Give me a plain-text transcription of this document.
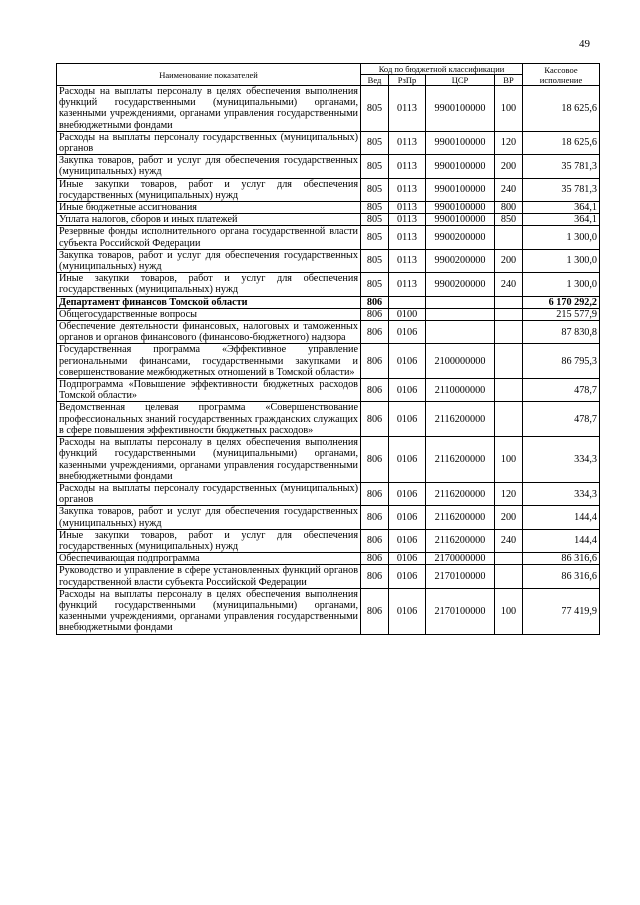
49
Наименование показателей	Код по бюджетной классификации				Кассовое исполнение
	Вед	РзПр	ЦСР	ВР	
Расходы на выплаты персоналу в целях обеспечения выполнения функций государственными (муниципальными) органами, казенными учреждениями, органами управления государственными внебюджетными фондами	805	0113	9900100000	100	18 625,6
Расходы на выплаты персоналу государственных (муниципальных) органов	805	0113	9900100000	120	18 625,6
Закупка товаров, работ и услуг для обеспечения государственных (муниципальных) нужд	805	0113	9900100000	200	35 781,3
Иные закупки товаров, работ и услуг для обеспечения государственных (муниципальных) нужд	805	0113	9900100000	240	35 781,3
Иные бюджетные ассигнования	805	0113	9900100000	800	364,1
Уплата налогов, сборов и иных платежей	805	0113	9900100000	850	364,1
Резервные фонды исполнительного органа государственной власти субъекта Российской Федерации	805	0113	9900200000		1 300,0
Закупка товаров, работ и услуг для обеспечения государственных (муниципальных) нужд	805	0113	9900200000	200	1 300,0
Иные закупки товаров, работ и услуг для обеспечения государственных (муниципальных) нужд	805	0113	9900200000	240	1 300,0
Департамент финансов Томской области	806				6 170 292,2
Общегосударственные вопросы	806	0100			215 577,9
Обеспечение деятельности финансовых, налоговых и таможенных органов и органов финансового (финансово-бюджетного) надзора	806	0106			87 830,8
Государственная программа «Эффективное управление региональными финансами, государственными закупками и совершенствование межбюджетных отношений в Томской области»	806	0106	2100000000		86 795,3
Подпрограмма «Повышение эффективности бюджетных расходов Томской области»	806	0106	2110000000		478,7
Ведомственная целевая программа «Совершенствование профессиональных знаний государственных гражданских служащих в сфере повышения эффективности бюджетных расходов»	806	0106	2116200000		478,7
Расходы на выплаты персоналу в целях обеспечения выполнения функций государственными (муниципальными) органами, казенными учреждениями, органами управления государственными внебюджетными фондами	806	0106	2116200000	100	334,3
Расходы на выплаты персоналу государственных (муниципальных) органов	806	0106	2116200000	120	334,3
Закупка товаров, работ и услуг для обеспечения государственных (муниципальных) нужд	806	0106	2116200000	200	144,4
Иные закупки товаров, работ и услуг для обеспечения государственных (муниципальных) нужд	806	0106	2116200000	240	144,4
Обеспечивающая подпрограмма	806	0106	2170000000		86 316,6
Руководство и управление в сфере установленных функций органов государственной власти субъекта Российской Федерации	806	0106	2170100000		86 316,6
Расходы на выплаты персоналу в целях обеспечения выполнения функций государственными (муниципальными) органами, казенными учреждениями, органами управления государственными внебюджетными фондами	806	0106	2170100000	100	77 419,9
